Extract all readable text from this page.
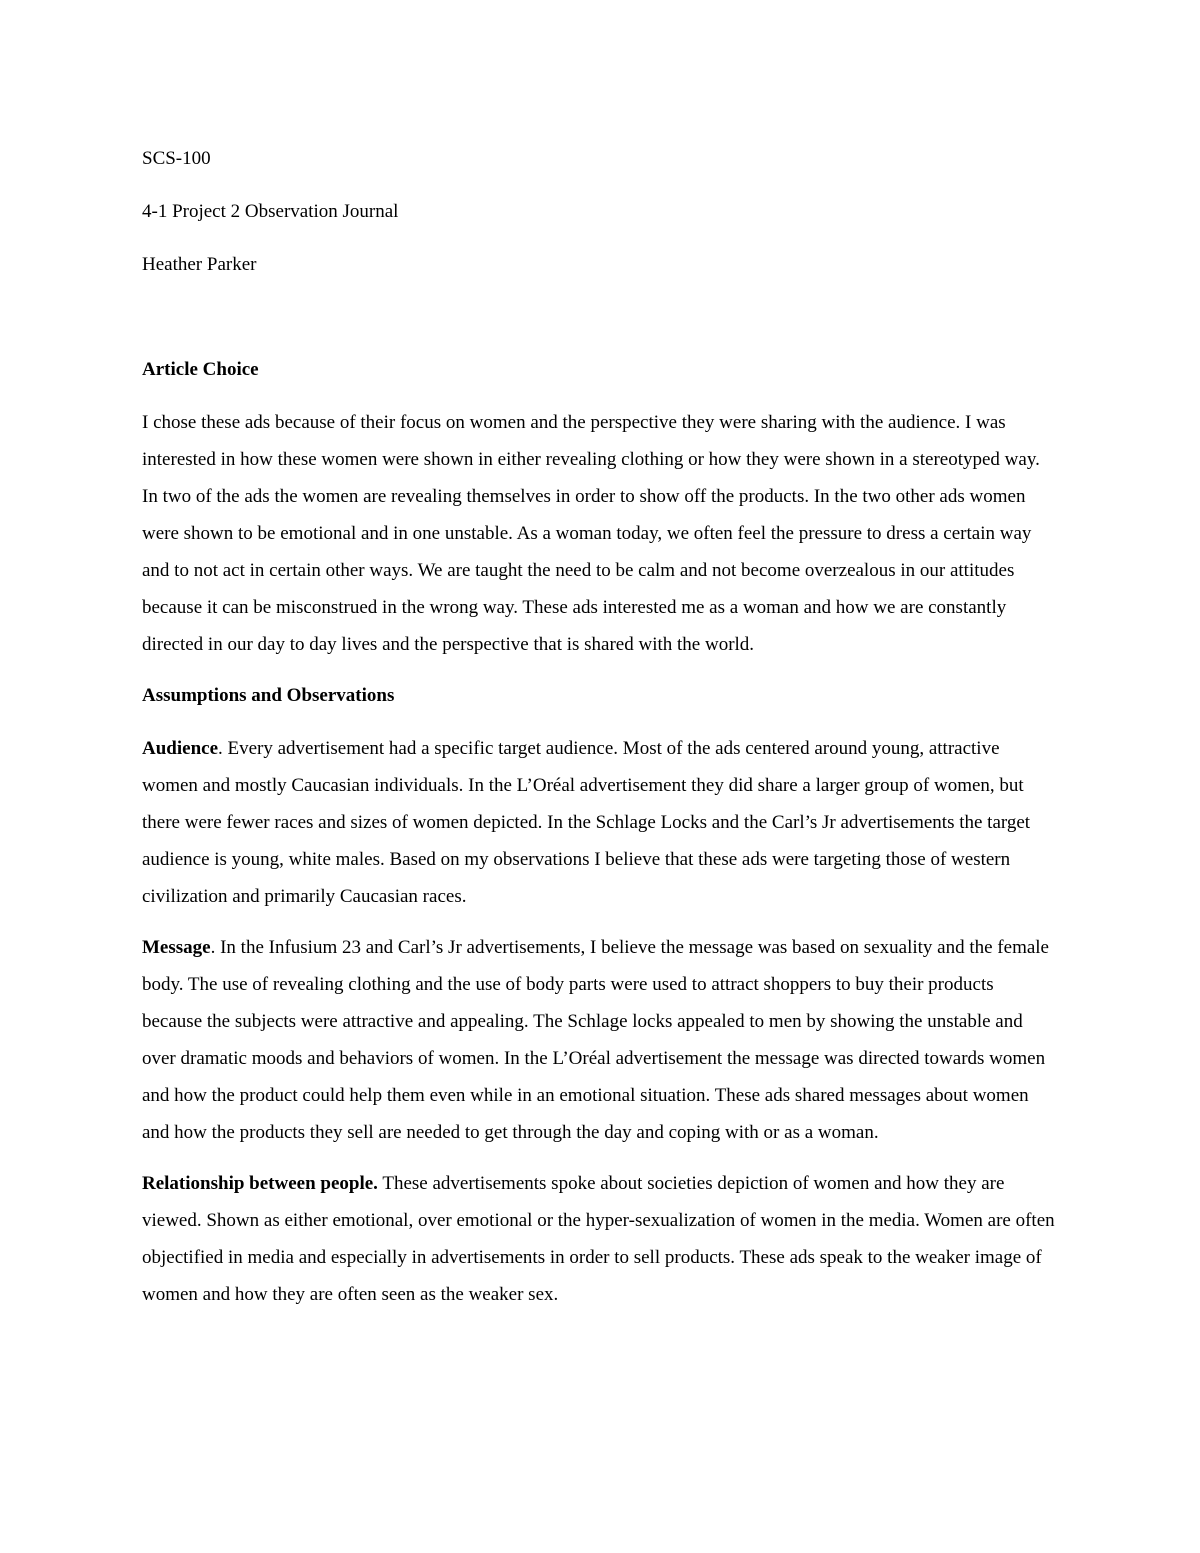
SCS-100

4-1 Project 2 Observation Journal

Heather Parker

Article Choice

I chose these ads because of their focus on women and the perspective they were sharing with the audience. I was interested in how these women were shown in either revealing clothing or how they were shown in a stereotyped way. In two of the ads the women are revealing themselves in order to show off the products. In the two other ads women were shown to be emotional and in one unstable. As a woman today, we often feel the pressure to dress a certain way and to not act in certain other ways. We are taught the need to be calm and not become overzealous in our attitudes because it can be misconstrued in the wrong way. These ads interested me as a woman and how we are constantly directed in our day to day lives and the perspective that is shared with the world.

Assumptions and Observations

Audience. Every advertisement had a specific target audience. Most of the ads centered around young, attractive women and mostly Caucasian individuals. In the L’Oréal advertisement they did share a larger group of women, but there were fewer races and sizes of women depicted. In the Schlage Locks and the Carl’s Jr advertisements the target audience is young, white males. Based on my observations I believe that these ads were targeting those of western civilization and primarily Caucasian races.

Message. In the Infusium 23 and Carl’s Jr advertisements, I believe the message was based on sexuality and the female body. The use of revealing clothing and the use of body parts were used to attract shoppers to buy their products because the subjects were attractive and appealing. The Schlage locks appealed to men by showing the unstable and over dramatic moods and behaviors of women. In the L’Oréal advertisement the message was directed towards women and how the product could help them even while in an emotional situation. These ads shared messages about women and how the products they sell are needed to get through the day and coping with or as a woman.

Relationship between people. These advertisements spoke about societies depiction of women and how they are viewed. Shown as either emotional, over emotional or the hyper-sexualization of women in the media. Women are often objectified in media and especially in advertisements in order to sell products. These ads speak to the weaker image of women and how they are often seen as the weaker sex.
